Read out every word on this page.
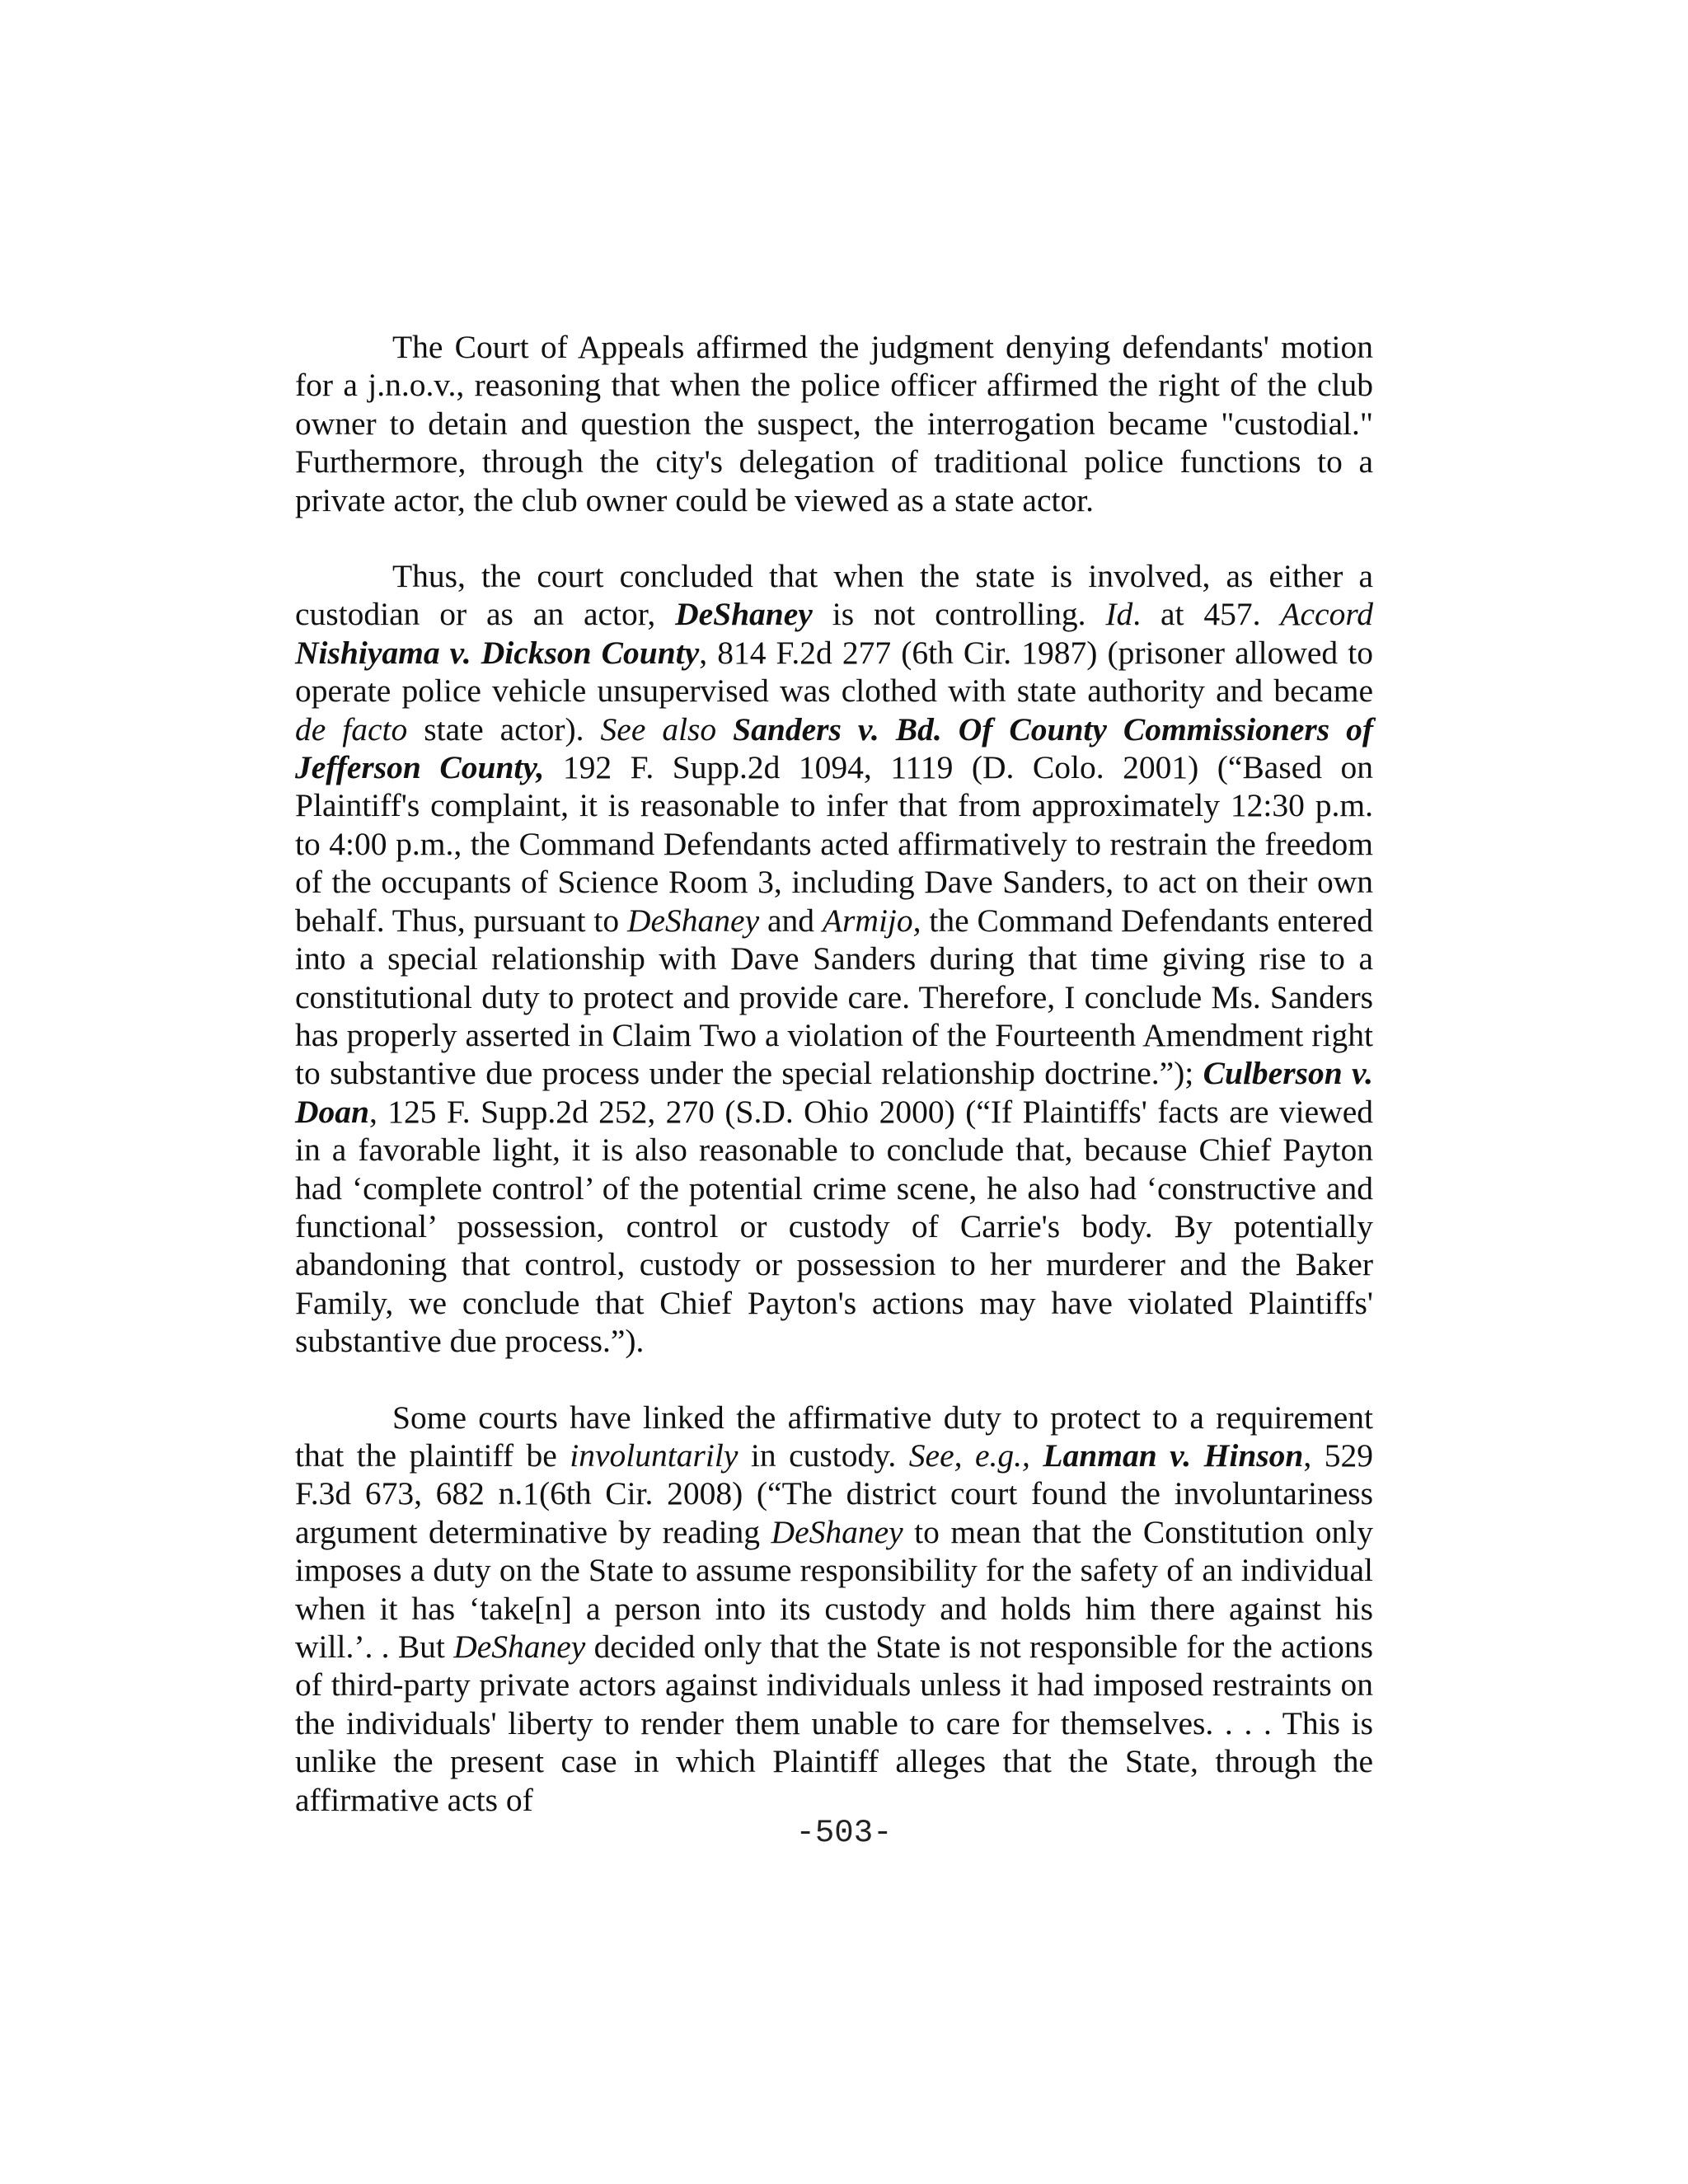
The Court of Appeals affirmed the judgment denying defendants' motion for a j.n.o.v., reasoning that when the police officer affirmed the right of the club owner to detain and question the suspect, the interrogation became "custodial." Furthermore, through the city's delegation of traditional police functions to a private actor, the club owner could be viewed as a state actor.

Thus, the court concluded that when the state is involved, as either a custodian or as an actor, DeShaney is not controlling. Id. at 457. Accord Nishiyama v. Dickson County, 814 F.2d 277 (6th Cir. 1987) (prisoner allowed to operate police vehicle unsupervised was clothed with state authority and became de facto state actor). See also Sanders v. Bd. Of County Commissioners of Jefferson County, 192 F. Supp.2d 1094, 1119 (D. Colo. 2001) (“Based on Plaintiff's complaint, it is reasonable to infer that from approximately 12:30 p.m. to 4:00 p.m., the Command Defendants acted affirmatively to restrain the freedom of the occupants of Science Room 3, including Dave Sanders, to act on their own behalf. Thus, pursuant to DeShaney and Armijo, the Command Defendants entered into a special relationship with Dave Sanders during that time giving rise to a constitutional duty to protect and provide care. Therefore, I conclude Ms. Sanders has properly asserted in Claim Two a violation of the Fourteenth Amendment right to substantive due process under the special relationship doctrine.”); Culberson v. Doan, 125 F. Supp.2d 252, 270 (S.D. Ohio 2000) (“If Plaintiffs' facts are viewed in a favorable light, it is also reasonable to conclude that, because Chief Payton had ‘complete control’ of the potential crime scene, he also had ‘constructive and functional’ possession, control or custody of Carrie's body. By potentially abandoning that control, custody or possession to her murderer and the Baker Family, we conclude that Chief Payton's actions may have violated Plaintiffs' substantive due process.”).

Some courts have linked the affirmative duty to protect to a requirement that the plaintiff be involuntarily in custody. See, e.g., Lanman v. Hinson, 529 F.3d 673, 682 n.1(6th Cir. 2008) (“The district court found the involuntariness argument determinative by reading DeShaney to mean that the Constitution only imposes a duty on the State to assume responsibility for the safety of an individual when it has ‘take[n] a person into its custody and holds him there against his will.’. . But DeShaney decided only that the State is not responsible for the actions of third-party private actors against individuals unless it had imposed restraints on the individuals' liberty to render them unable to care for themselves. . . . This is unlike the present case in which Plaintiff alleges that the State, through the affirmative acts of

-503-
